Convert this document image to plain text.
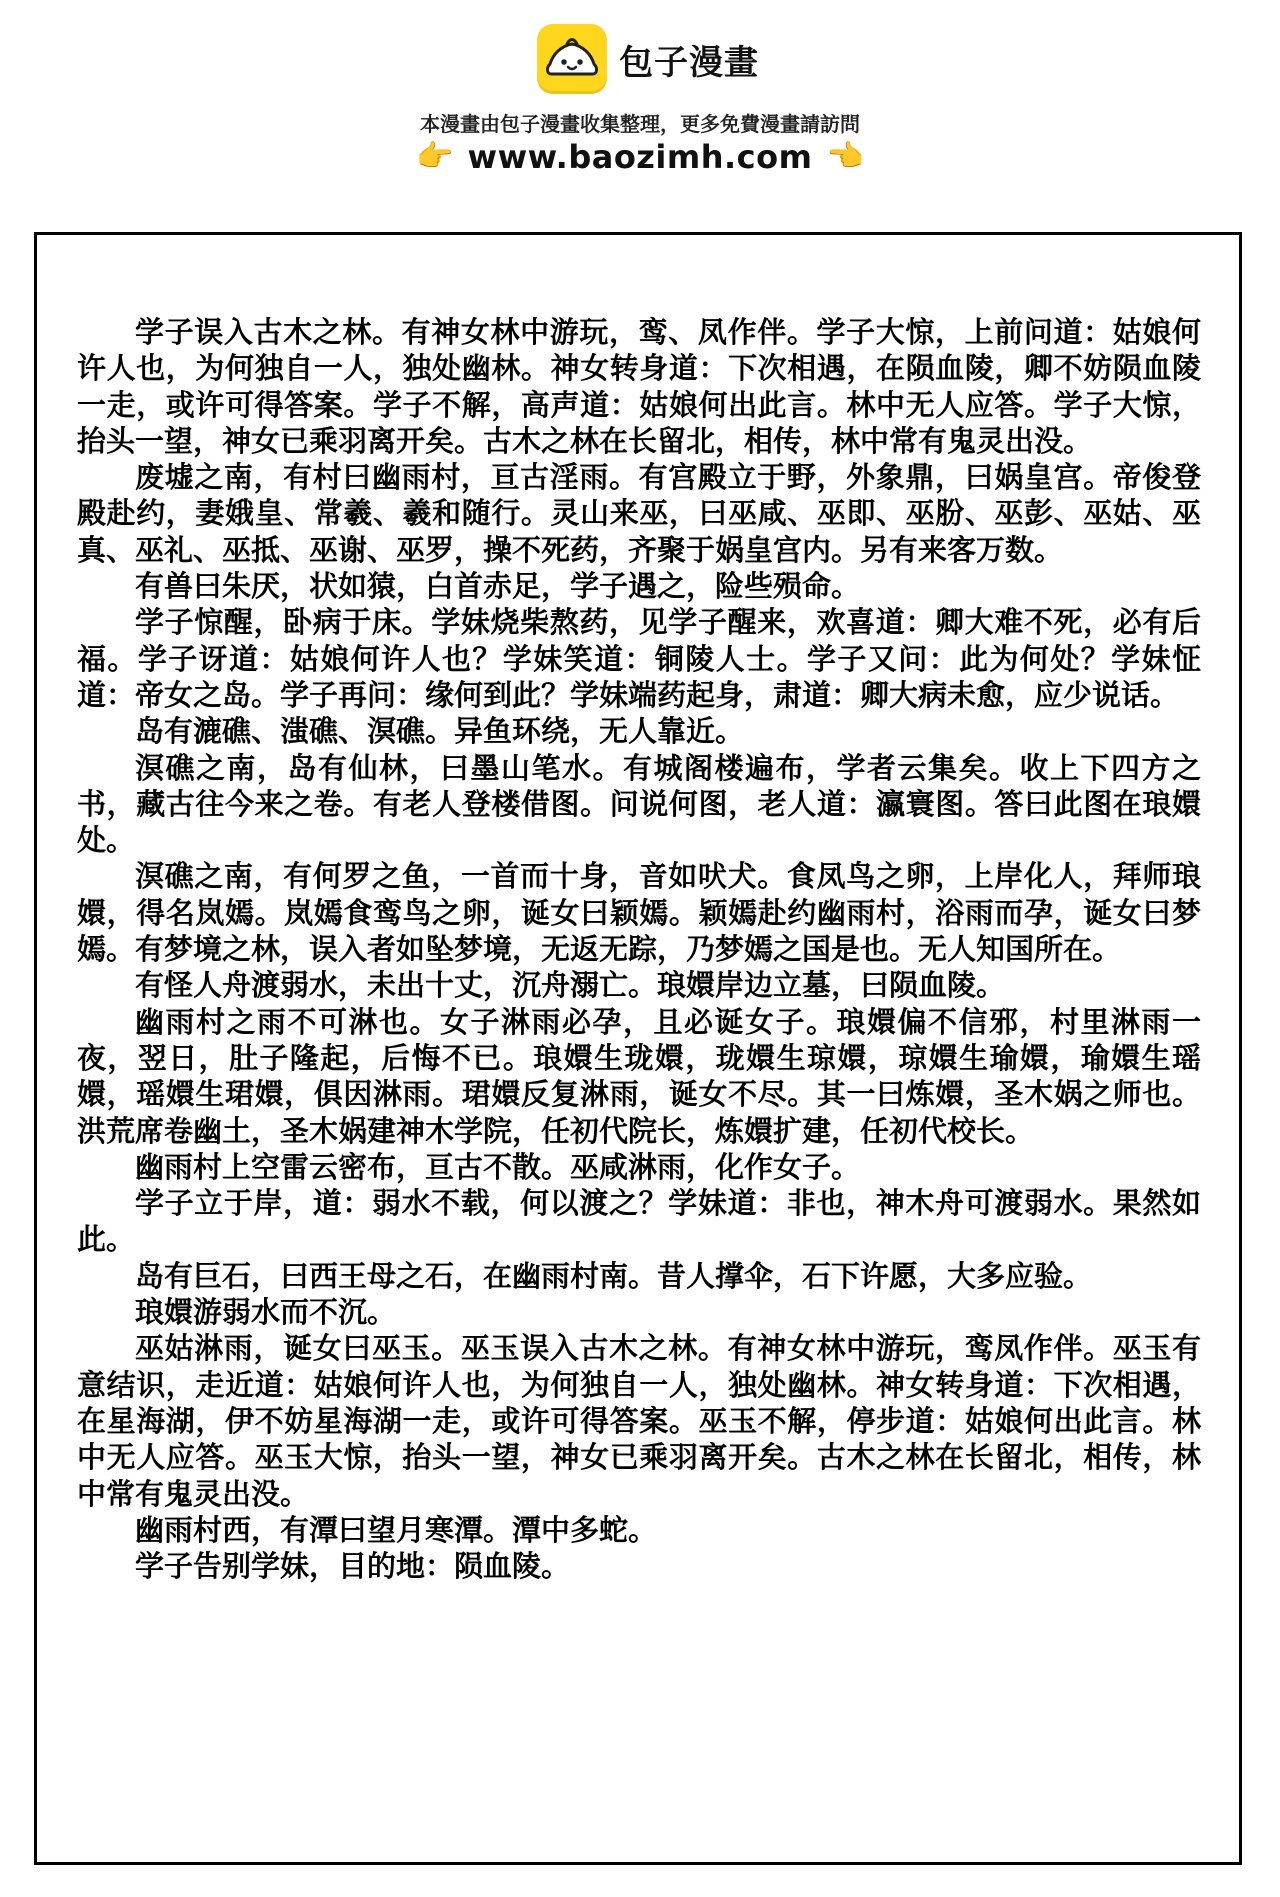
包子漫畫
本漫畫由包子漫畫收集整理，更多免費漫畫請訪問
👉 www.baozimh.com 👈

学子误入古木之林。有神女林中游玩，鸾、凤作伴。学子大惊，上前问道：姑娘何许人也，为何独自一人，独处幽林。神女转身道：下次相遇，在陨血陵，卿不妨陨血陵一走，或许可得答案。学子不解，高声道：姑娘何出此言。林中无人应答。学子大惊，抬头一望，神女已乘羽离开矣。古木之林在长留北，相传，林中常有鬼灵出没。

废墟之南，有村曰幽雨村，亘古淫雨。有宫殿立于野，外象鼎，曰娲皇宫。帝俊登殿赴约，妻娥皇、常羲、羲和随行。灵山来巫，曰巫咸、巫即、巫肦、巫彭、巫姑、巫真、巫礼、巫抵、巫谢、巫罗，操不死药，齐聚于娲皇宫内。另有来客万数。

有兽曰朱厌，状如猿，白首赤足，学子遇之，险些殒命。

学子惊醒，卧病于床。学妹烧柴熬药，见学子醒来，欢喜道：卿大难不死，必有后福。学子讶道：姑娘何许人也？学妹笑道：铜陵人士。学子又问：此为何处？学妹怔道：帝女之岛。学子再问：缘何到此？学妹端药起身，肃道：卿大病未愈，应少说话。

岛有漉礁、滍礁、溟礁。异鱼环绕，无人靠近。

溟礁之南，岛有仙林，曰墨山笔水。有城阁楼遍布，学者云集矣。收上下四方之书，藏古往今来之卷。有老人登楼借图。问说何图，老人道：瀛寰图。答曰此图在琅嬛处。

溟礁之南，有何罗之鱼，一首而十身，音如吠犬。食凤鸟之卵，上岸化人，拜师琅嬛，得名岚嫣。岚嫣食鸾鸟之卵，诞女曰颖嫣。颖嫣赴约幽雨村，浴雨而孕，诞女曰梦嫣。有梦境之林，误入者如坠梦境，无返无踪，乃梦嫣之国是也。无人知国所在。

有怪人舟渡弱水，未出十丈，沉舟溺亡。琅嬛岸边立墓，曰陨血陵。

幽雨村之雨不可淋也。女子淋雨必孕，且必诞女子。琅嬛偏不信邪，村里淋雨一夜，翌日，肚子隆起，后悔不已。琅嬛生珑嬛，珑嬛生琼嬛，琼嬛生瑜嬛，瑜嬛生瑶嬛，瑶嬛生珺嬛，俱因淋雨。珺嬛反复淋雨，诞女不尽。其一曰炼嬛，圣木娲之师也。洪荒席卷幽土，圣木娲建神木学院，任初代院长，炼嬛扩建，任初代校长。

幽雨村上空雷云密布，亘古不散。巫咸淋雨，化作女子。

学子立于岸，道：弱水不载，何以渡之？学妹道：非也，神木舟可渡弱水。果然如此。

岛有巨石，曰西王母之石，在幽雨村南。昔人撑伞，石下许愿，大多应验。

琅嬛游弱水而不沉。

巫姑淋雨，诞女曰巫玉。巫玉误入古木之林。有神女林中游玩，鸾凤作伴。巫玉有意结识，走近道：姑娘何许人也，为何独自一人，独处幽林。神女转身道：下次相遇，在星海湖，伊不妨星海湖一走，或许可得答案。巫玉不解，停步道：姑娘何出此言。林中无人应答。巫玉大惊，抬头一望，神女已乘羽离开矣。古木之林在长留北，相传，林中常有鬼灵出没。

幽雨村西，有潭曰望月寒潭。潭中多蛇。

学子告别学妹，目的地：陨血陵。
